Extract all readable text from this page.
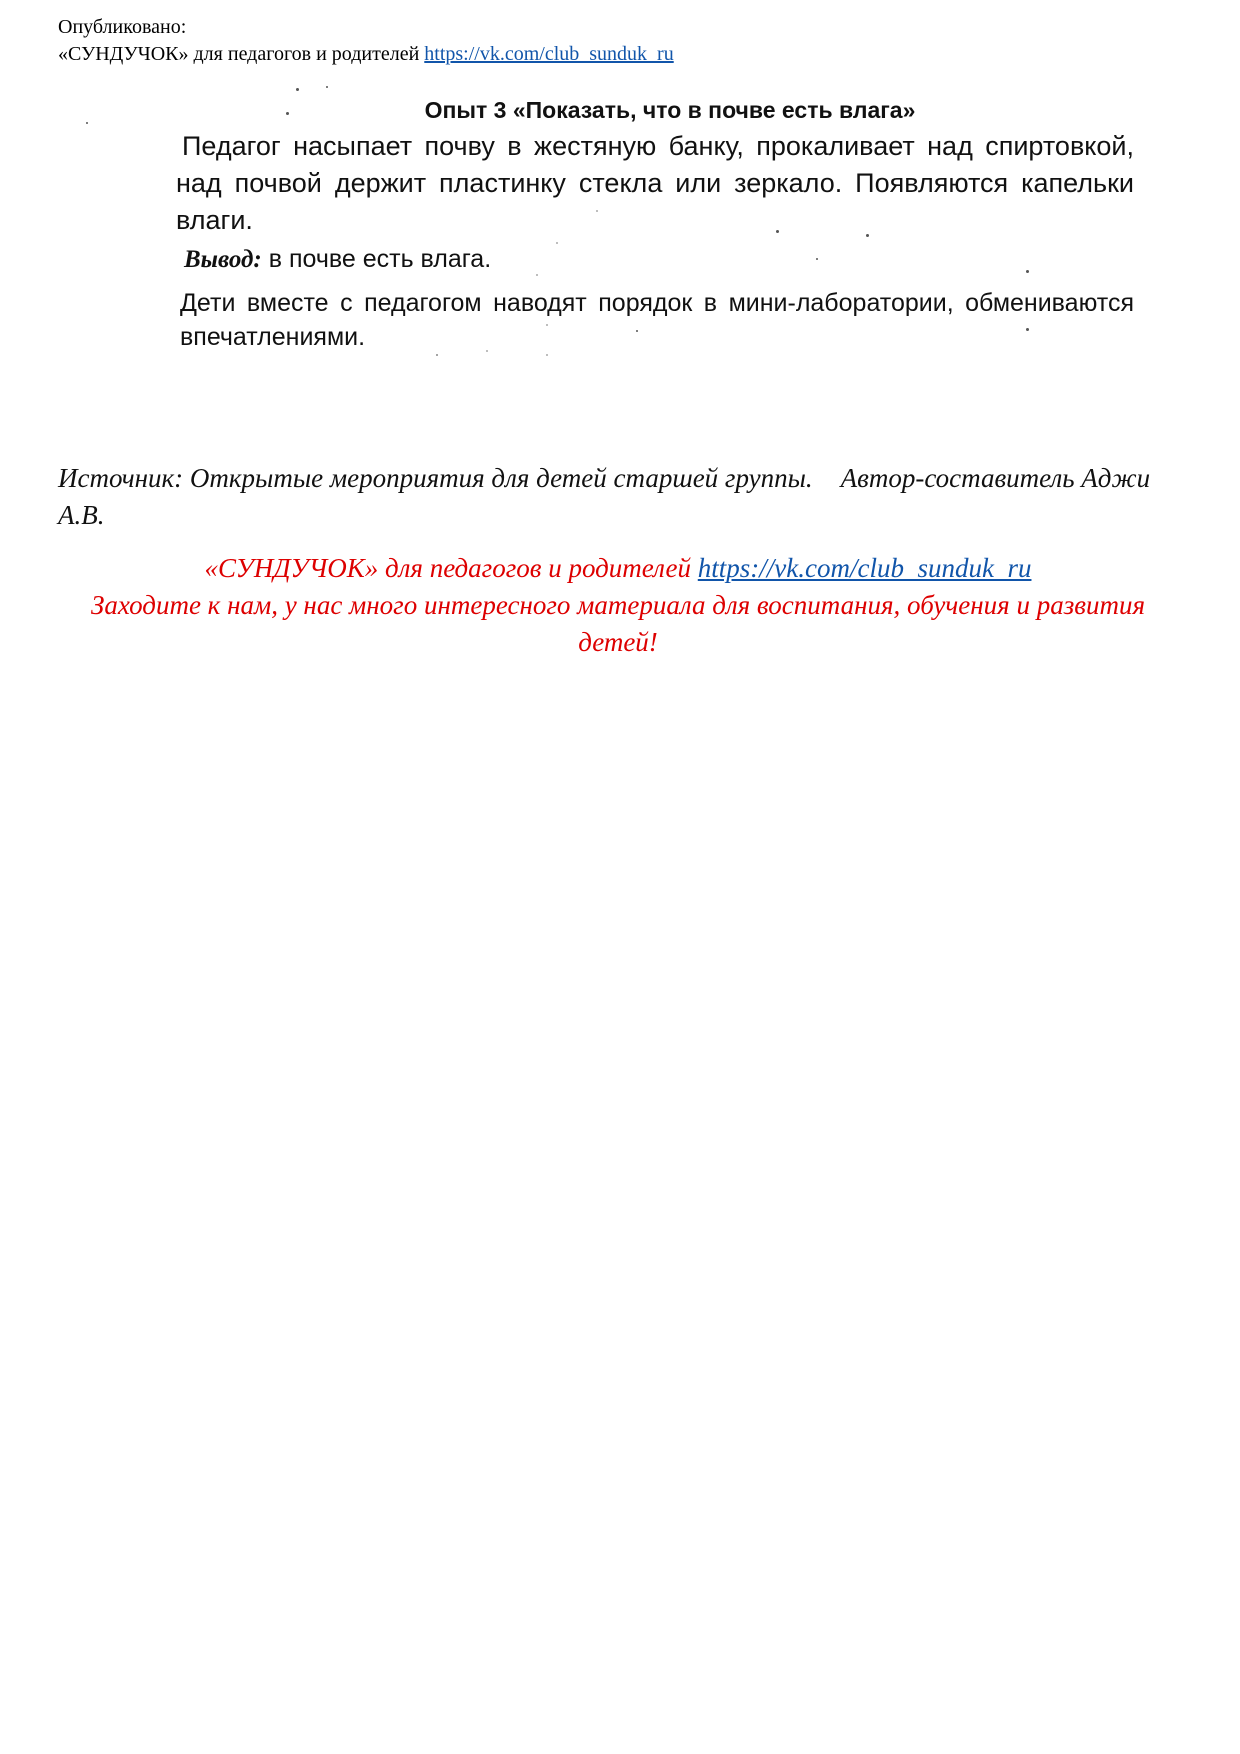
Опубликовано:
«СУНДУЧОК» для педагогов и родителей https://vk.com/club_sunduk_ru
Опыт 3 «Показать, что в почве есть влага»

Педагог насыпает почву в жестяную банку, прокаливает над спиртовкой, над почвой держит пластинку стекла или зеркало. Появляются капельки влаги.

Вывод: в почве есть влага.

Дети вместе с педагогом наводят порядок в мини-лаборатории, обмениваются впечатлениями.

Источник: Открытые мероприятия для детей старшей группы. Автор-составитель Аджи А.В.
«СУНДУЧОК» для педагогов и родителей https://vk.com/club_sunduk_ru
Заходите к нам, у нас много интересного материала для воспитания, обучения и развития детей!
